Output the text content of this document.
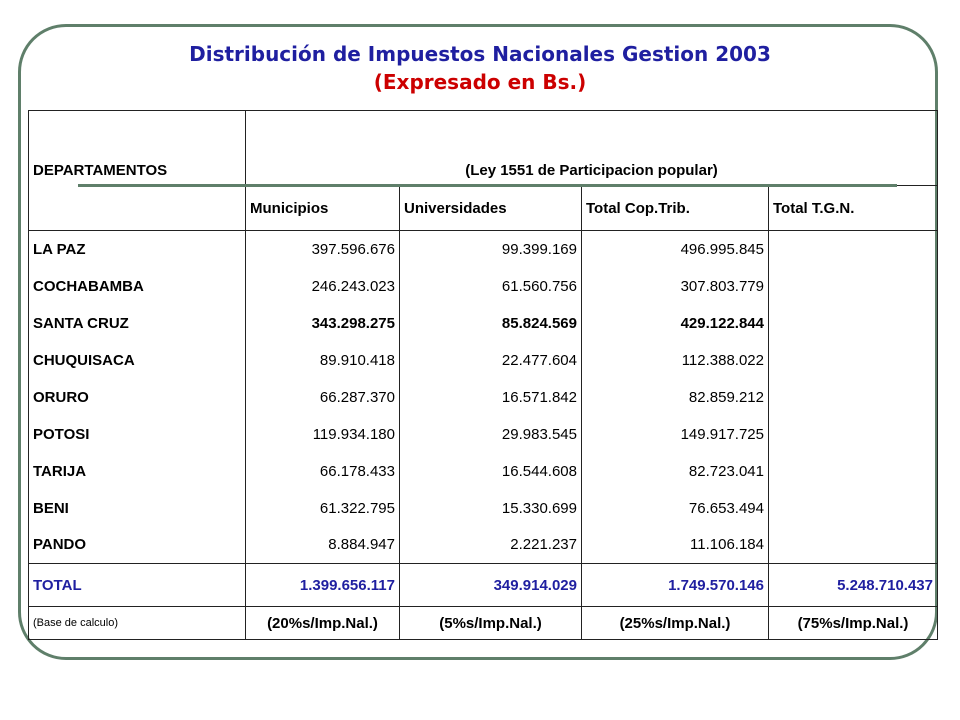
Distribución de Impuestos Nacionales Gestion 2003
(Expresado en Bs.)
DEPARTAMENTOS	(Ley 1551 de Participacion popular)			

	Municipios	Universidades	Total Cop.Trib.	Total T.G.N.
LA PAZ	397.596.676	99.399.169	496.995.845	
COCHABAMBA	246.243.023	61.560.756	307.803.779	
SANTA CRUZ	343.298.275	85.824.569	429.122.844	
CHUQUISACA	89.910.418	22.477.604	112.388.022	
ORURO	66.287.370	16.571.842	82.859.212	
POTOSI	119.934.180	29.983.545	149.917.725	
TARIJA	66.178.433	16.544.608	82.723.041	
BENI	61.322.795	15.330.699	76.653.494	
PANDO	8.884.947	2.221.237	11.106.184	
TOTAL	1.399.656.117	349.914.029	1.749.570.146	5.248.710.437
(Base de calculo)	(20%s/Imp.Nal.)	(5%s/Imp.Nal.)	(25%s/Imp.Nal.)	(75%s/Imp.Nal.)
